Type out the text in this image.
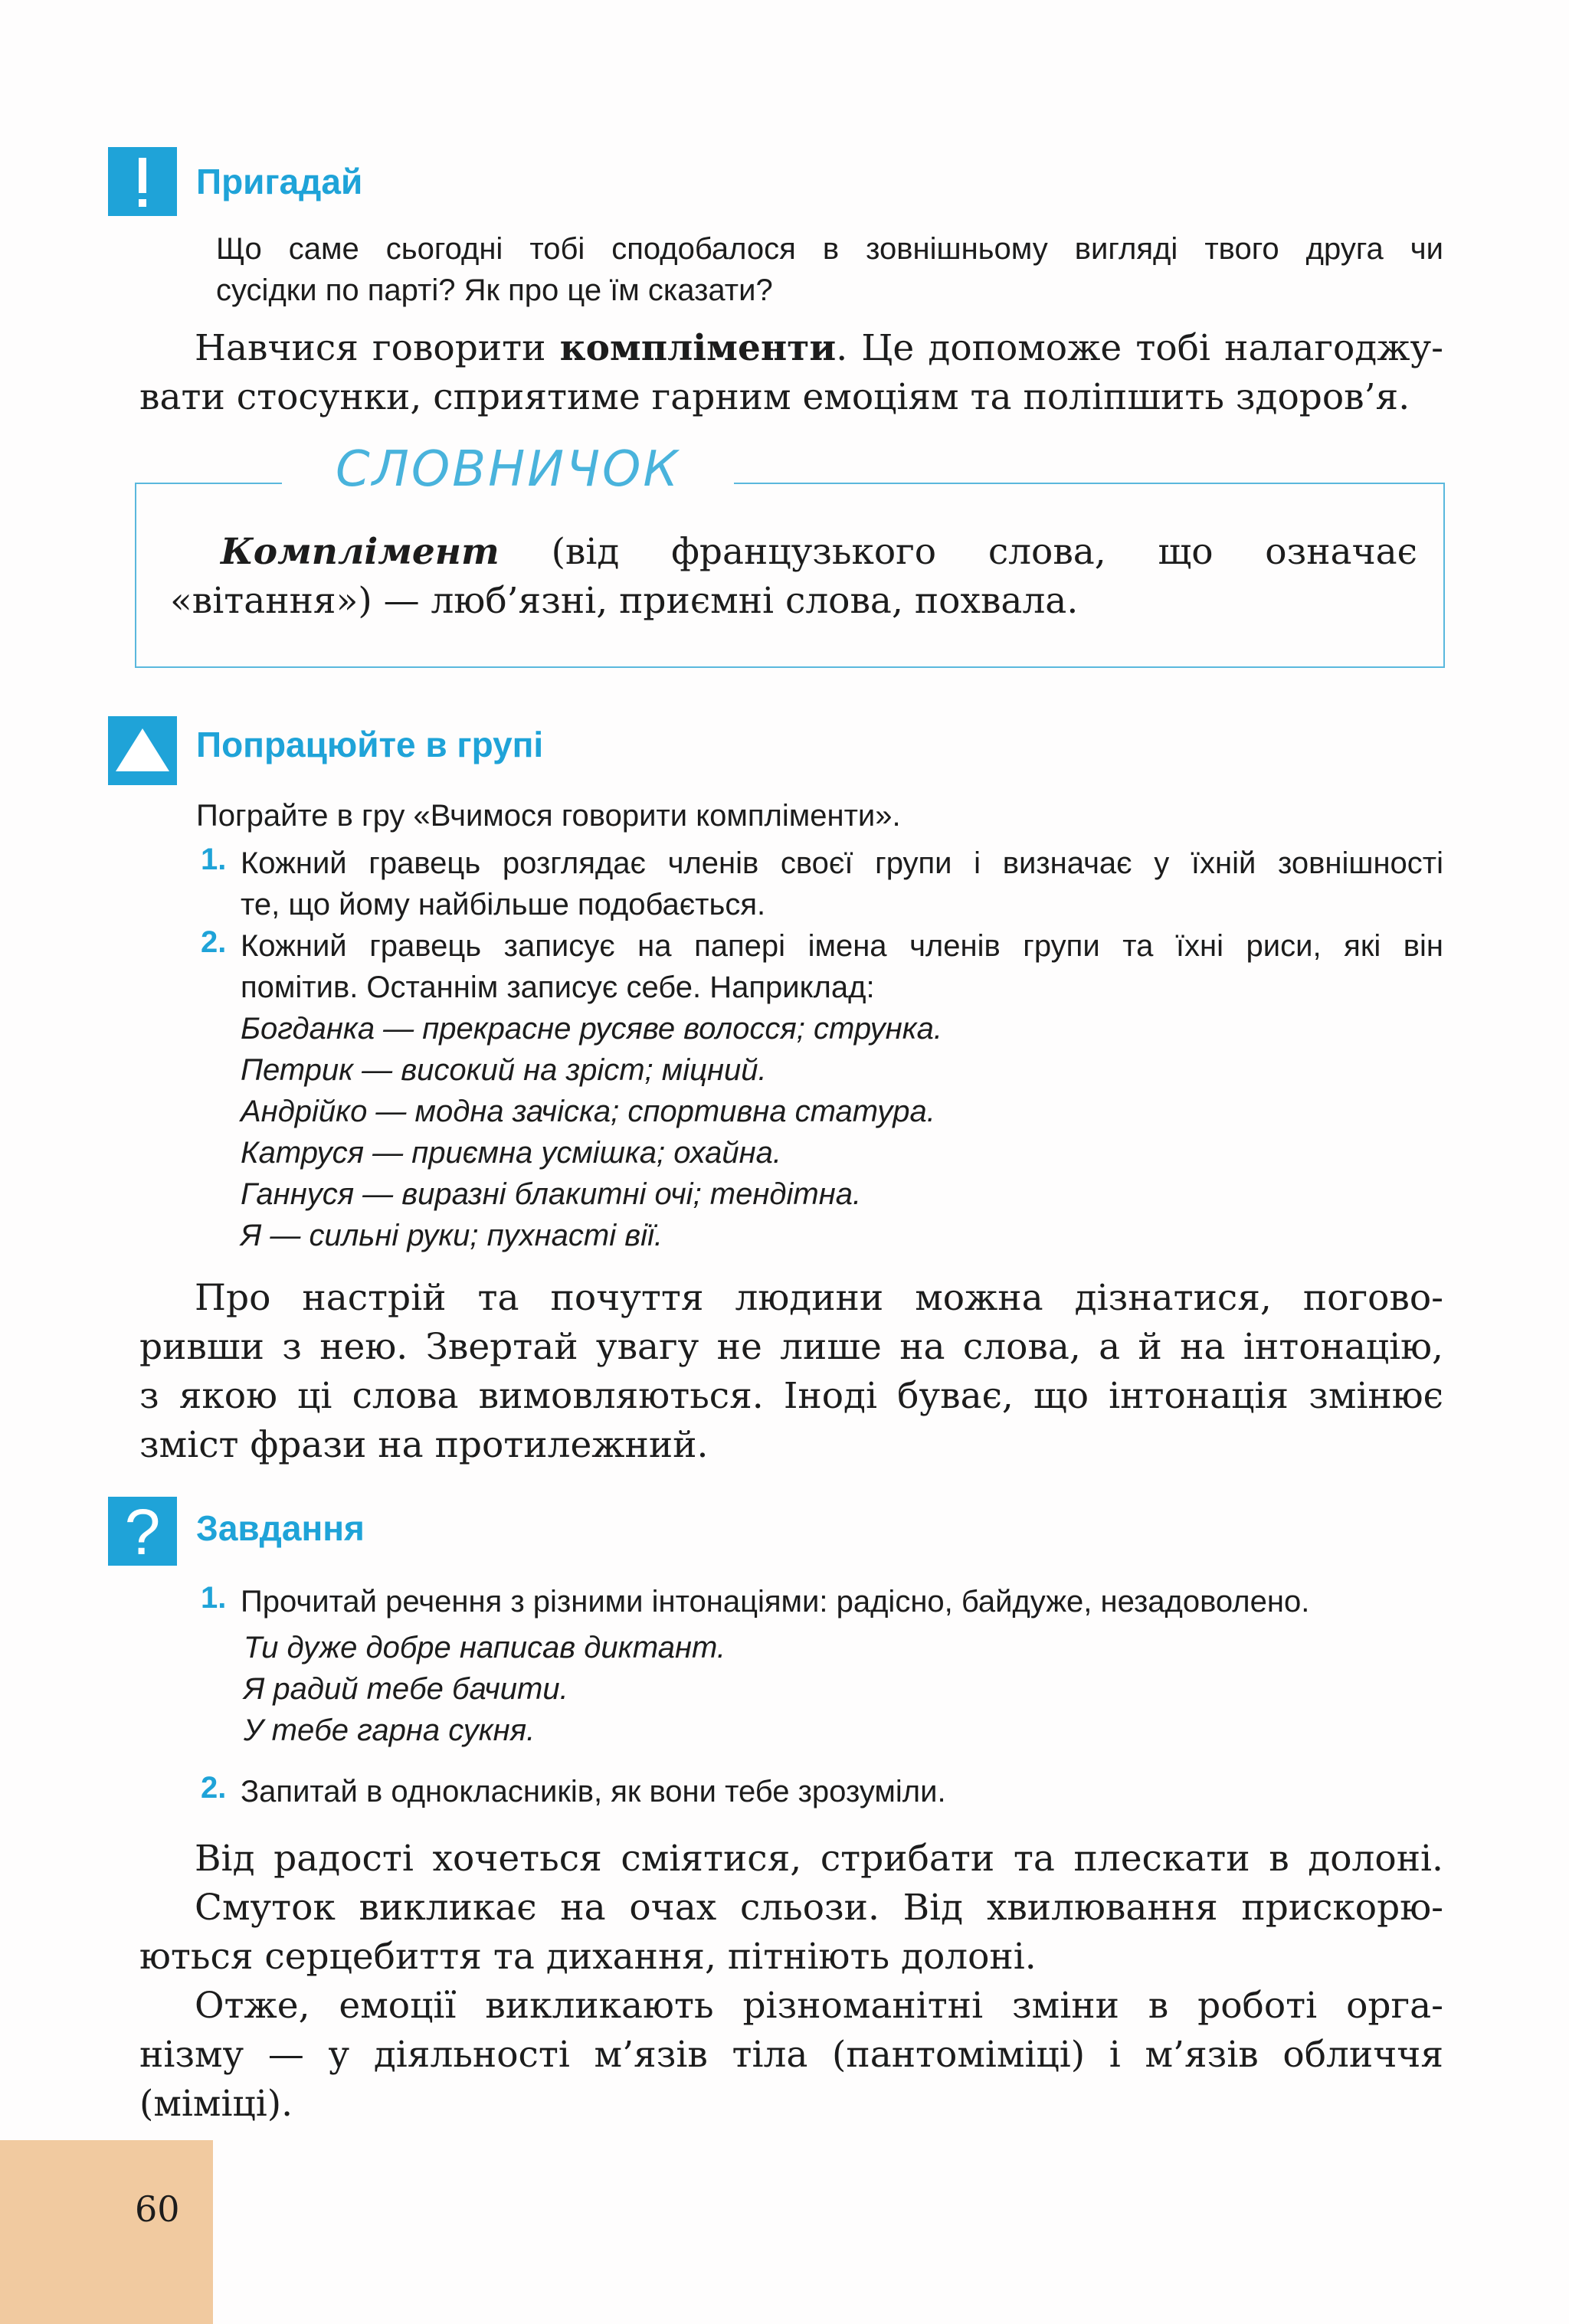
Пригадай
Що саме сьогодні тобі сподобалося в зовнішньому вигляді твого друга чи
сусідки по парті? Як про це їм сказати?
Навчися говорити компліменти. Це допоможе тобі налагоджу-
вати стосунки, сприятиме гарним емоціям та поліпшить здоров’я.
СЛОВНИЧОК
Комплімент (від французького слова, що означає
«вітання») — люб’язні, приємні слова, похвала.
Попрацюйте в групі
Пограйте в гру «Вчимося говорити компліменти».
1. Кожний гравець розглядає членів своєї групи і визначає у їхній зовнішності
те, що йому найбільше подобається.
2. Кожний гравець записує на папері імена членів групи та їхні риси, які він
помітив. Останнім записує себе. Наприклад:
Богданка — прекрасне русяве волосся; струнка.
Петрик — високий на зріст; міцний.
Андрійко — модна зачіска; спортивна статура.
Катруся — приємна усмішка; охайна.
Ганнуся — виразні блакитні очі; тендітна.
Я — сильні руки; пухнасті вії.
Про настрій та почуття людини можна дізнатися, погово-
ривши з нею. Звертай увагу не лише на слова, а й на інтонацію,
з якою ці слова вимовляються. Іноді буває, що інтонація змінює
зміст фрази на протилежний.
? Завдання
1. Прочитай речення з різними інтонаціями: радісно, байдуже, незадоволено.
Ти дуже добре написав диктант.
Я радий тебе бачити.
У тебе гарна сукня.
2. Запитай в однокласників, як вони тебе зрозуміли.
Від радості хочеться сміятися, стрибати та плескати в долоні.
Смуток викликає на очах сльози. Від хвилювання прискорю-
ються серцебиття та дихання, пітніють долоні.
Отже, емоції викликають різноманітні зміни в роботі орга-
нізму — у діяльності м’язів тіла (пантоміміці) і м’язів обличчя
(міміці).
60
